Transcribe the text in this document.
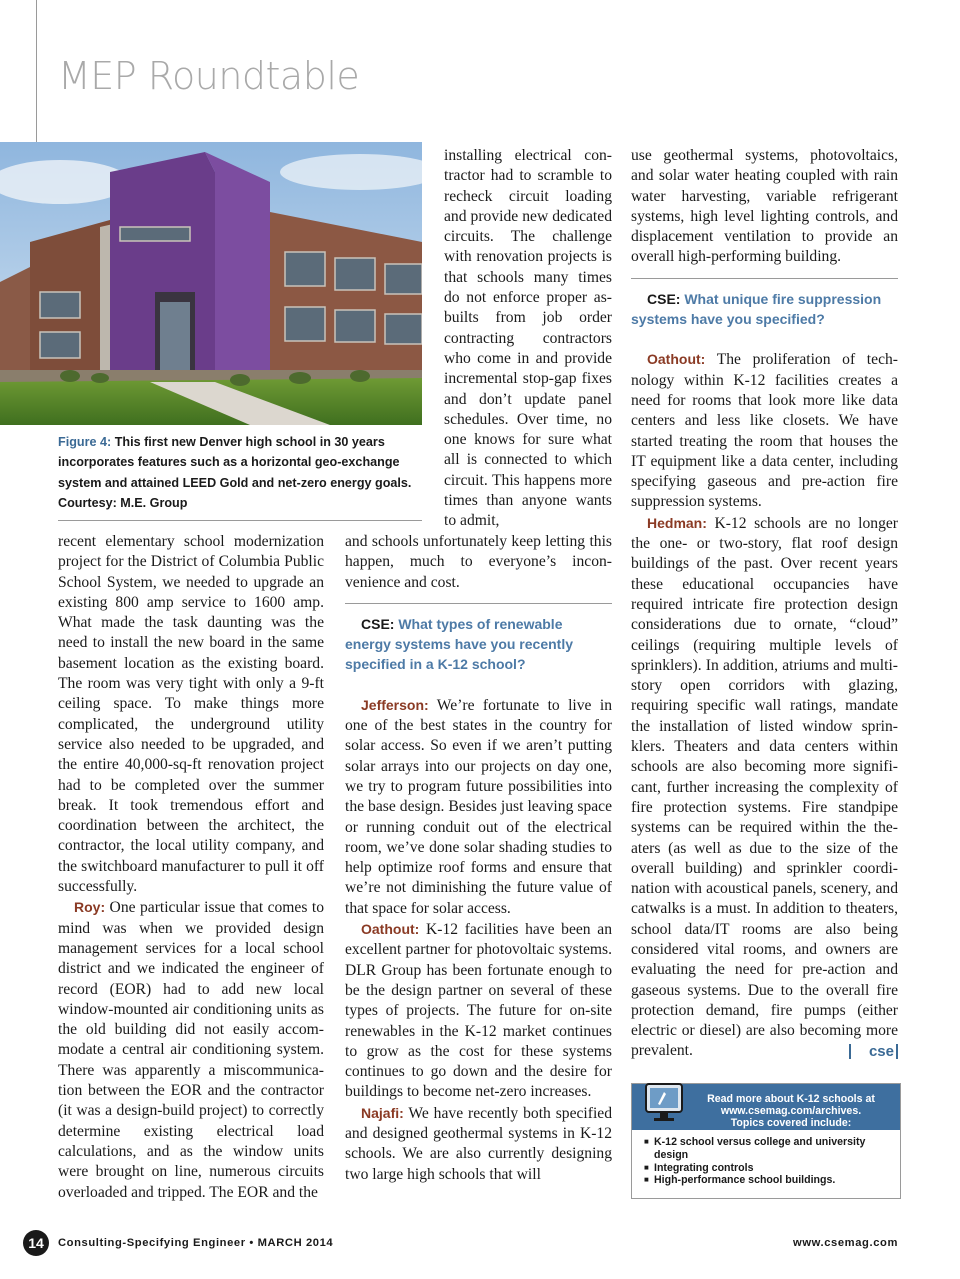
MEP Roundtable
Figure 4: This first new Denver high school in 30 years incorporates features such as a horizontal geo-exchange system and attained LEED Gold and net-zero energy goals. Courtesy: M.E. Group

recent elementary school modernization project for the District of Columbia Public School System, we needed to upgrade an existing 800 amp service to 1600 amp. What made the task daunting was the need to install the new board in the same basement location as the existing board. The room was very tight with only a 9-ft ceiling space. To make things more complicated, the underground utility service also needed to be upgraded, and the entire 40,000-sq-ft renovation project had to be completed over the summer break. It took tremendous effort and coordination between the architect, the contractor, the local utility company, and the switchboard manufacturer to pull it off successfully.

Roy: One particular issue that comes to mind was when we provided design management services for a local school district and we indicated the engineer of record (EOR) had to add new local window-mounted air conditioning units as the old building did not easily accommodate a central air conditioning system. There was apparently a miscommunication between the EOR and the contractor (it was a design-build project) to correctly determine existing electrical load calculations, and as the window units were brought on line, numerous circuits overloaded and tripped. The EOR and the

installing electrical contractor had to scramble to recheck circuit loading and provide new dedicated circuits. The challenge with renovation projects is that schools many times do not enforce proper as-builts from job order contracting contractors who come in and provide incremental stop-gap fixes and don’t update panel schedules. Over time, no one knows for sure what all is connected to which circuit. This happens more times than anyone wants to admit,

and schools unfortunately keep letting this happen, much to everyone’s inconvenience and cost.

CSE: What types of renewable energy systems have you recently specified in a K-12 school?

Jefferson: We’re fortunate to live in one of the best states in the country for solar access. So even if we aren’t putting solar arrays into our projects on day one, we try to program future possibilities into the base design. Besides just leaving space or running conduit out of the electrical room, we’ve done solar shading studies to help optimize roof forms and ensure that we’re not diminishing the future value of that space for solar access.

Oathout: K-12 facilities have been an excellent partner for photovoltaic systems. DLR Group has been fortunate enough to be the design partner on several of these types of projects. The future for on-site renewables in the K-12 market continues to grow as the cost for these systems continues to go down and the desire for buildings to become net-zero increases.

Najafi: We have recently both specified and designed geothermal systems in K-12 schools. We are also currently designing two large high schools that will

use geothermal systems, photovoltaics, and solar water heating coupled with rain water harvesting, variable refrigerant systems, high level lighting controls, and displacement ventilation to provide an overall high-performing building.

CSE: What unique fire suppression systems have you specified?

Oathout: The proliferation of technology within K-12 facilities creates a need for rooms that look more like data centers and less like closets. We have started treating the room that houses the IT equipment like a data center, including specifying gaseous and pre-action fire suppression systems.

Hedman: K-12 schools are no longer the one- or two-story, flat roof design buildings of the past. Over recent years these educational occupancies have required intricate fire protection design considerations due to ornate, “cloud” ceilings (requiring multiple levels of sprinklers). In addition, atriums and multi-story open corridors with glazing, requiring specific wall ratings, mandate the installation of listed window sprinklers. Theaters and data centers within schools are also becoming more significant, further increasing the complexity of fire protection systems. Fire standpipe systems can be required within the theaters (as well as due to the size of the overall building) and sprinkler coordination with acoustical panels, scenery, and catwalks is a must. In addition to theaters, school data/IT rooms are also being considered vital rooms, and owners are evaluating the need for pre-action and gaseous systems. Due to the overall fire protection demand, fire pumps (either electric or diesel) are also becoming more prevalent.	cse

Read more about K-12 schools at
www.csemag.com/archives.
Topics covered include:
■ K-12 school versus college and university design
■ Integrating controls
■ High-performance school buildings.
14	Consulting-Specifying Engineer • MARCH 2014	www.csemag.com
